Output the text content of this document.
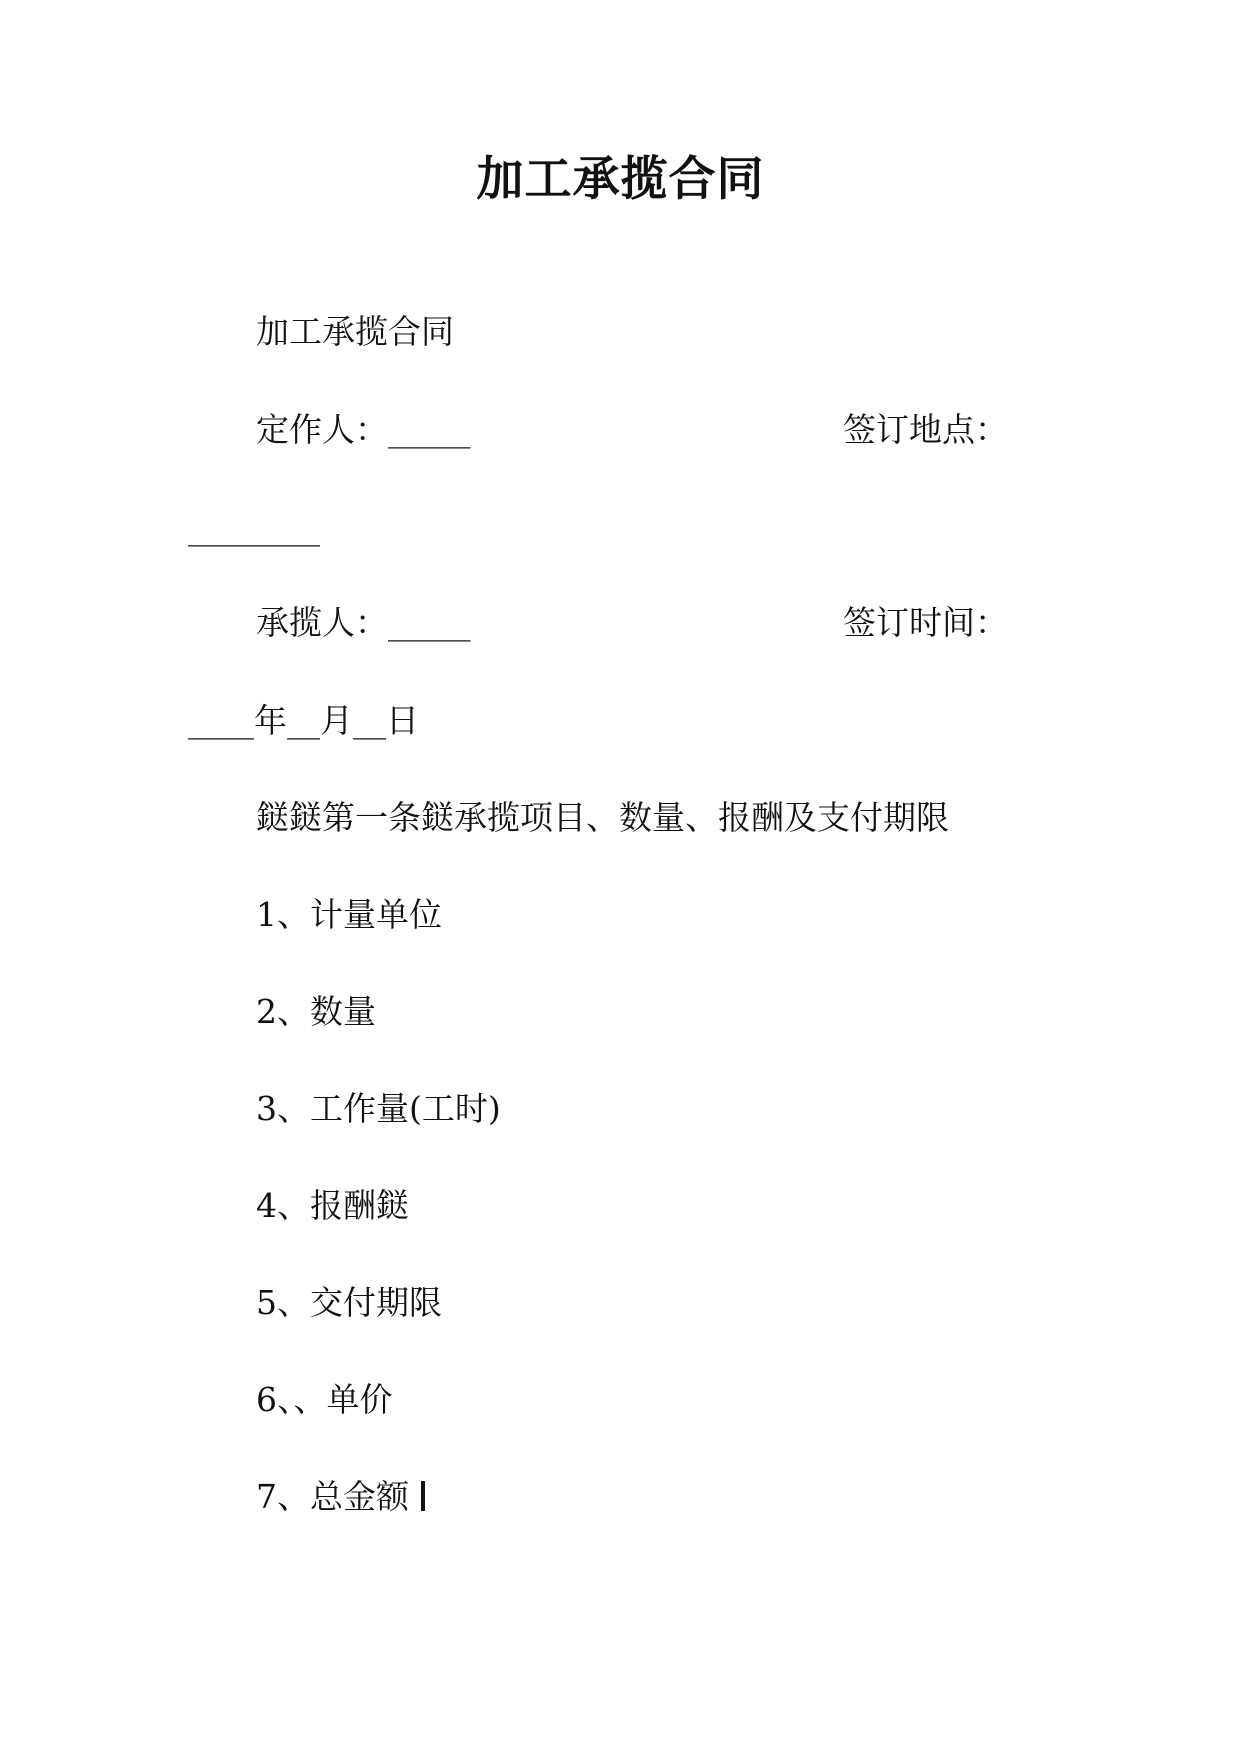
加工承揽合同
加工承揽合同
定作人：_____	签订地点：
________
承揽人：_____	签订时间：
____年__月__日
鎹鎹第一条鎹承揽项目、数量、报酬及支付期限
1、计量单位
2、数量
3、工作量(工时)
4、报酬鎹
5、交付期限
6、、单价
7、总金额
